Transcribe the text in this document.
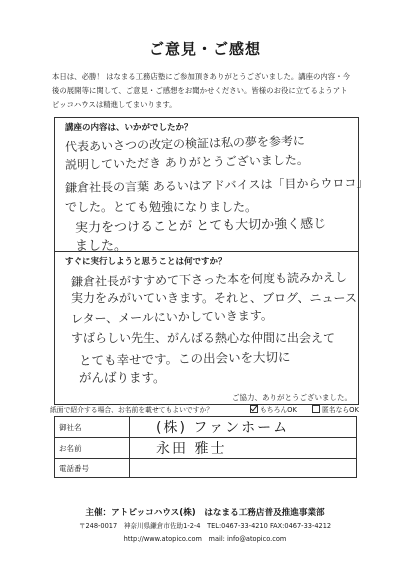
ご意見・ご感想
本日は、必勝！ はなまる工務店塾にご参加頂きありがとうございました。講座の内容・今
後の展開等に関して、ご意見・ご感想をお聞かせください。皆様のお役に立てるようアト
ピッコハウスは精進してまいります。
講座の内容は、いかがでしたか？
代表あいさつの改定の検証は私の夢を参考に
説明していただき ありがとうございました。
鎌倉社長の言葉 あるいはアドバイスは「目からウロコ」
でした。とても勉強になりました。
実力をつけることが とても大切か強く感じ
ました。
すぐに実行しようと思うことは何ですか？
鎌倉社長がすすめて下さった本を何度も読みかえし
実力をみがいていきます。それと、ブログ、ニュース
レター、メールにいかしていきます。
すばらしい先生、がんばる熱心な仲間に出会えて
とても幸せです。この出会いを大切に
がんばります。
ご協力、ありがとうございました。
紙面で紹介する場合、お名前を載せてもよいですか？	もちろんOK	匿名ならOK
御社名	(株) ファンホーム
お名前	永田 雅士
電話番号	
主催：アトピッコハウス(株)　はなまる工務店普及推進事業部
〒248-0017　神奈川県鎌倉市佐助1-2-4　TEL:0467-33-4210 FAX:0467-33-4212
http://www.atopico.com　mail: info@atopico.com
